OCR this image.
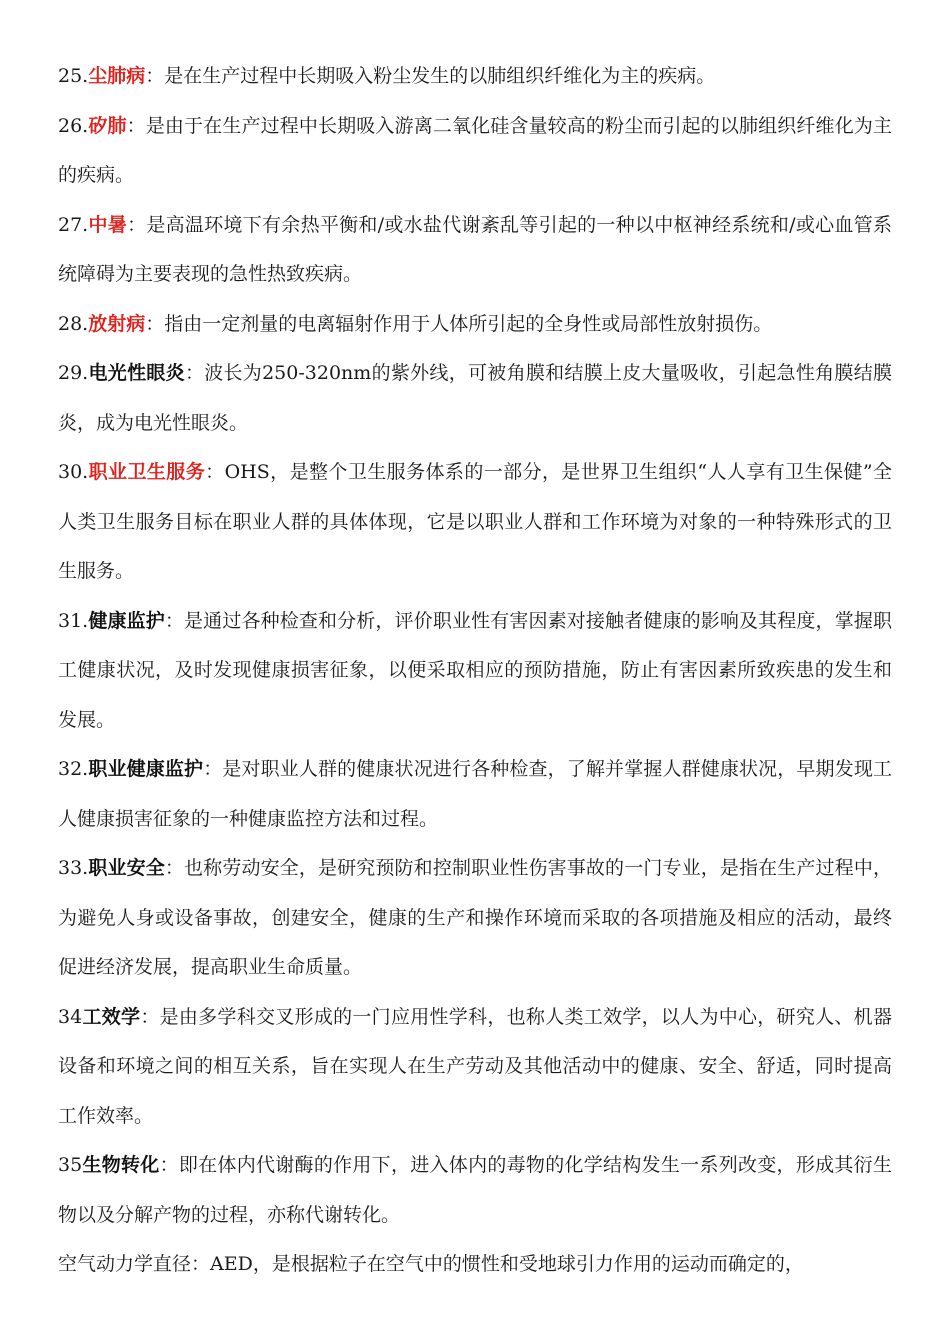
25.尘肺病：是在生产过程中长期吸入粉尘发生的以肺组织纤维化为主的疾病。

26.矽肺：是由于在生产过程中长期吸入游离二氧化硅含量较高的粉尘而引起的以肺组织纤维化为主的疾病。

27.中暑：是高温环境下有余热平衡和/或水盐代谢紊乱等引起的一种以中枢神经系统和/或心血管系统障碍为主要表现的急性热致疾病。

28.放射病：指由一定剂量的电离辐射作用于人体所引起的全身性或局部性放射损伤。

29.电光性眼炎：波长为250-320nm的紫外线，可被角膜和结膜上皮大量吸收，引起急性角膜结膜炎，成为电光性眼炎。

30.职业卫生服务：OHS，是整个卫生服务体系的一部分，是世界卫生组织“人人享有卫生保健”全人类卫生服务目标在职业人群的具体体现，它是以职业人群和工作环境为对象的一种特殊形式的卫生服务。

31.健康监护：是通过各种检查和分析，评价职业性有害因素对接触者健康的影响及其程度，掌握职工健康状况，及时发现健康损害征象，以便采取相应的预防措施，防止有害因素所致疾患的发生和发展。

32.职业健康监护：是对职业人群的健康状况进行各种检查，了解并掌握人群健康状况，早期发现工人健康损害征象的一种健康监控方法和过程。

33.职业安全：也称劳动安全，是研究预防和控制职业性伤害事故的一门专业，是指在生产过程中，为避免人身或设备事故，创建安全，健康的生产和操作环境而采取的各项措施及相应的活动，最终促进经济发展，提高职业生命质量。

34工效学：是由多学科交叉形成的一门应用性学科，也称人类工效学，以人为中心，研究人、机器设备和环境之间的相互关系，旨在实现人在生产劳动及其他活动中的健康、安全、舒适，同时提高工作效率。

35生物转化：即在体内代谢酶的作用下，进入体内的毒物的化学结构发生一系列改变，形成其衍生物以及分解产物的过程，亦称代谢转化。

空气动力学直径：AED，是根据粒子在空气中的惯性和受地球引力作用的运动而确定的，
